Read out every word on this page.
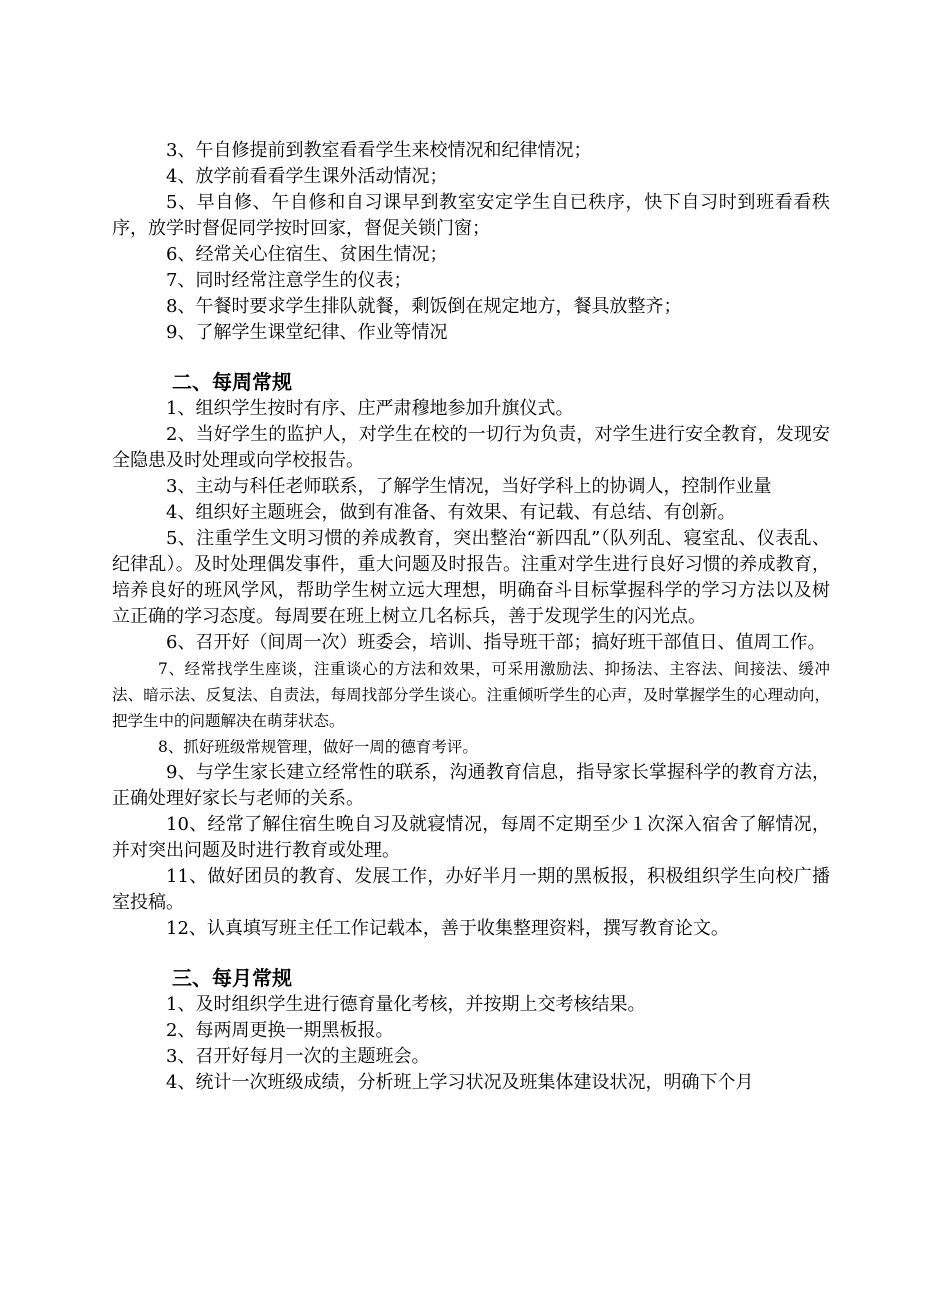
3、午自修提前到教室看看学生来校情况和纪律情况；

4、放学前看看学生课外活动情况；

5、早自修、午自修和自习课早到教室安定学生自已秩序，快下自习时到班看看秩序，放学时督促同学按时回家，督促关锁门窗；

6、经常关心住宿生、贫困生情况；

7、同时经常注意学生的仪表；

8、午餐时要求学生排队就餐，剩饭倒在规定地方，餐具放整齐；

9、了解学生课堂纪律、作业等情况

二、每周常规

1、组织学生按时有序、庄严肃穆地参加升旗仪式。

2、当好学生的监护人，对学生在校的一切行为负责，对学生进行安全教育，发现安全隐患及时处理或向学校报告。

3、主动与科任老师联系，了解学生情况，当好学科上的协调人，控制作业量

4、组织好主题班会，做到有准备、有效果、有记载、有总结、有创新。

5、注重学生文明习惯的养成教育，突出整治“新四乱”（队列乱、寝室乱、仪表乱、纪律乱）。及时处理偶发事件，重大问题及时报告。注重对学生进行良好习惯的养成教育，培养良好的班风学风，帮助学生树立远大理想，明确奋斗目标掌握科学的学习方法以及树立正确的学习态度。每周要在班上树立几名标兵，善于发现学生的闪光点。

6、召开好（间周一次）班委会，培训、指导班干部；搞好班干部值日、值周工作。

7、经常找学生座谈，注重谈心的方法和效果，可采用激励法、抑扬法、主容法、间接法、缓冲法、暗示法、反复法、自责法，每周找部分学生谈心。注重倾听学生的心声，及时掌握学生的心理动向，把学生中的问题解决在萌芽状态。

8、抓好班级常规管理，做好一周的德育考评。

9、与学生家长建立经常性的联系，沟通教育信息，指导家长掌握科学的教育方法，正确处理好家长与老师的关系。

10、经常了解住宿生晚自习及就寝情况，每周不定期至少１次深入宿舍了解情况，并对突出问题及时进行教育或处理。

11、做好团员的教育、发展工作，办好半月一期的黑板报，积极组织学生向校广播室投稿。

12、认真填写班主任工作记载本，善于收集整理资料，撰写教育论文。

三、每月常规

1、及时组织学生进行德育量化考核，并按期上交考核结果。

2、每两周更换一期黑板报。

3、召开好每月一次的主题班会。

4、统计一次班级成绩，分析班上学习状况及班集体建设状况，明确下个月
